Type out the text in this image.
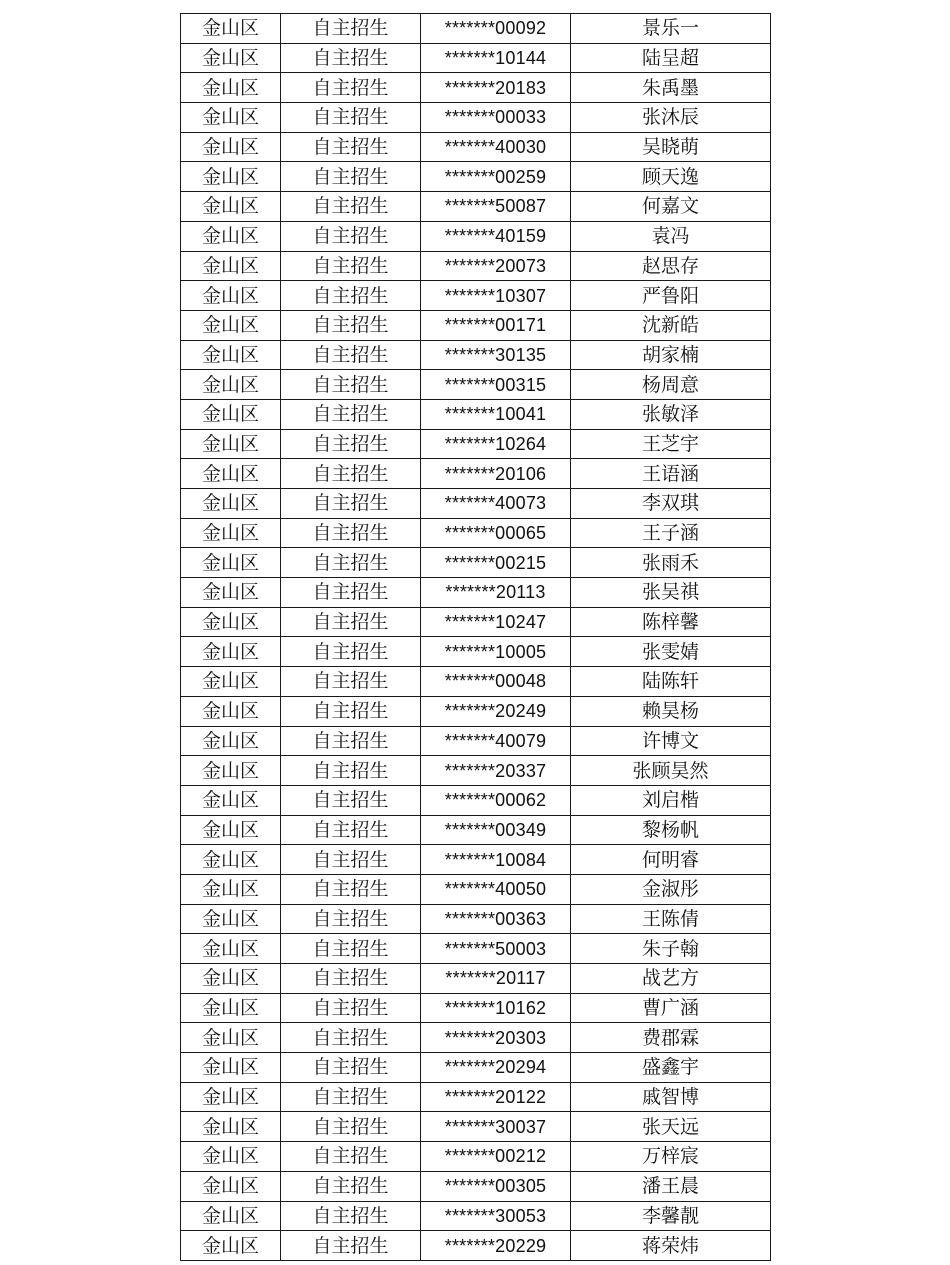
金山区	自主招生	*******00092	景乐一
金山区	自主招生	*******10144	陆呈超
金山区	自主招生	*******20183	朱禹墨
金山区	自主招生	*******00033	张沐辰
金山区	自主招生	*******40030	吴晓萌
金山区	自主招生	*******00259	顾天逸
金山区	自主招生	*******50087	何嘉文
金山区	自主招生	*******40159	袁冯
金山区	自主招生	*******20073	赵思存
金山区	自主招生	*******10307	严鲁阳
金山区	自主招生	*******00171	沈新皓
金山区	自主招生	*******30135	胡家楠
金山区	自主招生	*******00315	杨周意
金山区	自主招生	*******10041	张敏泽
金山区	自主招生	*******10264	王芝宇
金山区	自主招生	*******20106	王语涵
金山区	自主招生	*******40073	李双琪
金山区	自主招生	*******00065	王子涵
金山区	自主招生	*******00215	张雨禾
金山区	自主招生	*******20113	张吴祺
金山区	自主招生	*******10247	陈梓馨
金山区	自主招生	*******10005	张雯婧
金山区	自主招生	*******00048	陆陈轩
金山区	自主招生	*******20249	赖昊杨
金山区	自主招生	*******40079	许博文
金山区	自主招生	*******20337	张顾昊然
金山区	自主招生	*******00062	刘启楷
金山区	自主招生	*******00349	黎杨帆
金山区	自主招生	*******10084	何明睿
金山区	自主招生	*******40050	金淑彤
金山区	自主招生	*******00363	王陈倩
金山区	自主招生	*******50003	朱子翰
金山区	自主招生	*******20117	战艺方
金山区	自主招生	*******10162	曹广涵
金山区	自主招生	*******20303	费郡霖
金山区	自主招生	*******20294	盛鑫宇
金山区	自主招生	*******20122	戚智博
金山区	自主招生	*******30037	张天远
金山区	自主招生	*******00212	万梓宸
金山区	自主招生	*******00305	潘王晨
金山区	自主招生	*******30053	李馨靓
金山区	自主招生	*******20229	蒋荣炜
